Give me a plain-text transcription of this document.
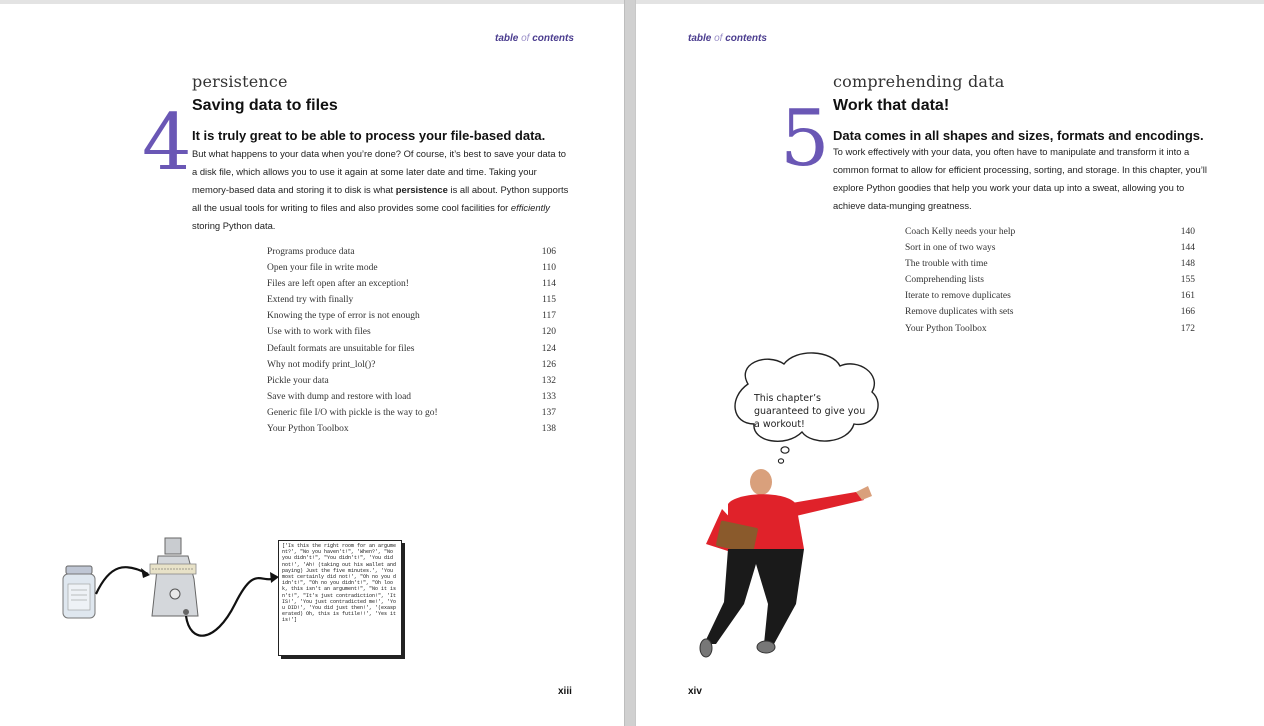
table of contents
4
persistence
Saving data to files
It is truly great to be able to process your file-based data.
But what happens to your data when you’re done? Of course, it’s best to save your data to a disk file, which allows you to use it again at some later date and time. Taking your memory-based data and storing it to disk is what persistence is all about. Python supports all the usual tools for writing to files and also provides some cool facilities for efficiently storing Python data.
Programs produce data	106
Open your file in write mode	110
Files are left open after an exception!	114
Extend try with finally	115
Knowing the type of error is not enough	117
Use with to work with files	120
Default formats are unsuitable for files	124
Why not modify print_lol()?	126
Pickle your data	132
Save with dump and restore with load	133
Generic file I/O with pickle is the way to go!	137
Your Python Toolbox	138
['Is this the right room for an argument?', "No you haven't!", 'When?', "No you didn't!", "You didn't!", 'You did not!', 'Ah! (taking out his wallet and paying) Just the five minutes.', 'You most certainly did not!', "Oh no you didn't!", "Oh no you didn't!", "Oh look, this isn't an argument!", "No it isn't!", "It's just contradiction!", 'It IS!', 'You just contradicted me!', 'You DID!', 'You did just then!', '(exasperated) Oh, this is futile!!', 'Yes it is!']
xiii
table of contents
5
comprehending data
Work that data!
Data comes in all shapes and sizes, formats and encodings.
To work effectively with your data, you often have to manipulate and transform it into a common format to allow for efficient processing, sorting, and storage. In this chapter, you’ll explore Python goodies that help you work your data up into a sweat, allowing you to achieve data-munging greatness.
Coach Kelly needs your help	140
Sort in one of two ways	144
The trouble with time	148
Comprehending lists	155
Iterate to remove duplicates	161
Remove duplicates with sets	166
Your Python Toolbox	172
This chapter’s guaranteed to give you a workout!
xiv
